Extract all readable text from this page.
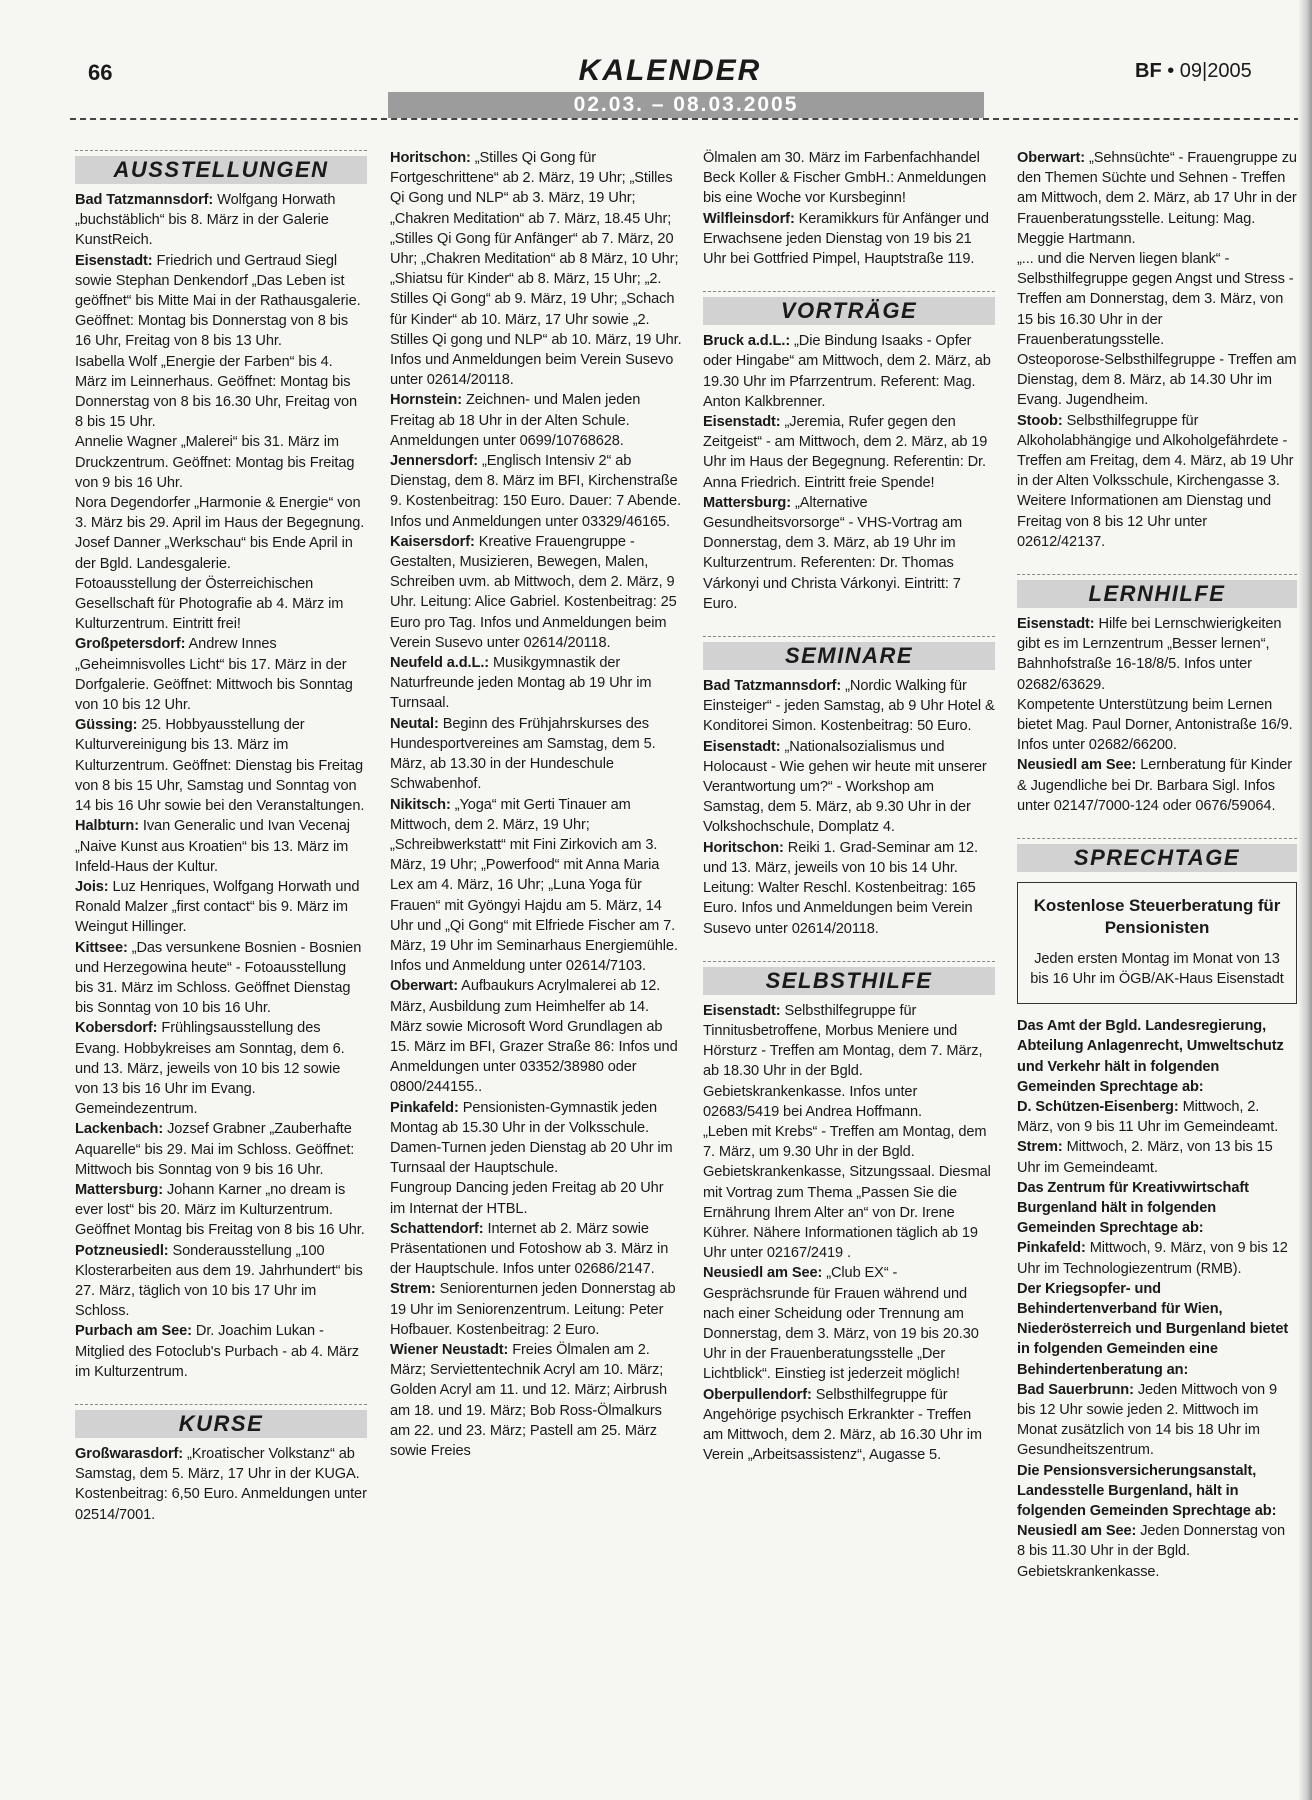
66	KALENDER	BF • 09|2005
02.03. – 08.03.2005
AUSSTELLUNGEN

Bad Tatzmannsdorf: Wolfgang Horwath „buchstäblich“ bis 8. März in der Galerie KunstReich.

Eisenstadt: Friedrich und Gertraud Siegl sowie Stephan Denkendorf „Das Leben ist geöffnet“ bis Mitte Mai in der Rathausgalerie. Geöffnet: Montag bis Donnerstag von 8 bis 16 Uhr, Freitag von 8 bis 13 Uhr.

Isabella Wolf „Energie der Farben“ bis 4. März im Leinnerhaus. Geöffnet: Montag bis Donnerstag von 8 bis 16.30 Uhr, Freitag von 8 bis 15 Uhr.

Annelie Wagner „Malerei“ bis 31. März im Druckzentrum. Geöffnet: Montag bis Freitag von 9 bis 16 Uhr.

Nora Degendorfer „Harmonie & Energie“ von 3. März bis 29. April im Haus der Begegnung.

Josef Danner „Werkschau“ bis Ende April in der Bgld. Landesgalerie.

Fotoausstellung der Österreichischen Gesellschaft für Photografie ab 4. März im Kulturzentrum. Eintritt frei!

Großpetersdorf: Andrew Innes „Geheimnisvolles Licht“ bis 17. März in der Dorfgalerie. Geöffnet: Mittwoch bis Sonntag von 10 bis 12 Uhr.

Güssing: 25. Hobbyausstellung der Kulturvereinigung bis 13. März im Kulturzentrum. Geöffnet: Dienstag bis Freitag von 8 bis 15 Uhr, Samstag und Sonntag von 14 bis 16 Uhr sowie bei den Veranstaltungen.

Halbturn: Ivan Generalic und Ivan Vecenaj „Naive Kunst aus Kroatien“ bis 13. März im Infeld-Haus der Kultur.

Jois: Luz Henriques, Wolfgang Horwath und Ronald Malzer „first contact“ bis 9. März im Weingut Hillinger.

Kittsee: „Das versunkene Bosnien - Bosnien und Herzegowina heute“ - Fotoausstellung bis 31. März im Schloss. Geöffnet Dienstag bis Sonntag von 10 bis 16 Uhr.

Kobersdorf: Frühlingsausstellung des Evang. Hobbykreises am Sonntag, dem 6. und 13. März, jeweils von 10 bis 12 sowie von 13 bis 16 Uhr im Evang. Gemeindezentrum.

Lackenbach: Jozsef Grabner „Zauberhafte Aquarelle“ bis 29. Mai im Schloss. Geöffnet: Mittwoch bis Sonntag von 9 bis 16 Uhr.

Mattersburg: Johann Karner „no dream is ever lost“ bis 20. März im Kulturzentrum. Geöffnet Montag bis Freitag von 8 bis 16 Uhr.

Potzneusiedl: Sonderausstellung „100 Klosterarbeiten aus dem 19. Jahrhundert“ bis 27. März, täglich von 10 bis 17 Uhr im Schloss.

Purbach am See: Dr. Joachim Lukan - Mitglied des Fotoclub's Purbach - ab 4. März im Kulturzentrum.

KURSE

Großwarasdorf: „Kroatischer Volkstanz“ ab Samstag, dem 5. März, 17 Uhr in der KUGA. Kostenbeitrag: 6,50 Euro. Anmeldungen unter 02514/7001.

Horitschon: „Stilles Qi Gong für Fortgeschrittene“ ab 2. März, 19 Uhr; „Stilles Qi Gong und NLP“ ab 3. März, 19 Uhr; „Chakren Meditation“ ab 7. März, 18.45 Uhr; „Stilles Qi Gong für Anfänger“ ab 7. März, 20 Uhr; „Chakren Meditation“ ab 8 März, 10 Uhr; „Shiatsu für Kinder“ ab 8. März, 15 Uhr; „2. Stilles Qi Gong“ ab 9. März, 19 Uhr; „Schach für Kinder“ ab 10. März, 17 Uhr sowie „2. Stilles Qi gong und NLP“ ab 10. März, 19 Uhr. Infos und Anmeldungen beim Verein Susevo unter 02614/20118.

Hornstein: Zeichnen- und Malen jeden Freitag ab 18 Uhr in der Alten Schule. Anmeldungen unter 0699/10768628.

Jennersdorf: „Englisch Intensiv 2“ ab Dienstag, dem 8. März im BFI, Kirchenstraße 9. Kostenbeitrag: 150 Euro. Dauer: 7 Abende. Infos und Anmeldungen unter 03329/46165.

Kaisersdorf: Kreative Frauengruppe - Gestalten, Musizieren, Bewegen, Malen, Schreiben uvm. ab Mittwoch, dem 2. März, 9 Uhr. Leitung: Alice Gabriel. Kostenbeitrag: 25 Euro pro Tag. Infos und Anmeldungen beim Verein Susevo unter 02614/20118.

Neufeld a.d.L.: Musikgymnastik der Naturfreunde jeden Montag ab 19 Uhr im Turnsaal.

Neutal: Beginn des Frühjahrskurses des Hundesportvereines am Samstag, dem 5. März, ab 13.30 in der Hundeschule Schwabenhof.

Nikitsch: „Yoga“ mit Gerti Tinauer am Mittwoch, dem 2. März, 19 Uhr; „Schreibwerkstatt“ mit Fini Zirkovich am 3. März, 19 Uhr; „Powerfood“ mit Anna Maria Lex am 4. März, 16 Uhr; „Luna Yoga für Frauen“ mit Gyöngyi Hajdu am 5. März, 14 Uhr und „Qi Gong“ mit Elfriede Fischer am 7. März, 19 Uhr im Seminarhaus Energiemühle. Infos und Anmeldung unter 02614/7103.

Oberwart: Aufbaukurs Acrylmalerei ab 12. März, Ausbildung zum Heimhelfer ab 14. März sowie Microsoft Word Grundlagen ab 15. März im BFI, Grazer Straße 86: Infos und Anmeldungen unter 03352/38980 oder 0800/244155..

Pinkafeld: Pensionisten-Gymnastik jeden Montag ab 15.30 Uhr in der Volksschule.

Damen-Turnen jeden Dienstag ab 20 Uhr im Turnsaal der Hauptschule.

Fungroup Dancing jeden Freitag ab 20 Uhr im Internat der HTBL.

Schattendorf: Internet ab 2. März sowie Präsentationen und Fotoshow ab 3. März in der Hauptschule. Infos unter 02686/2147.

Strem: Seniorenturnen jeden Donnerstag ab 19 Uhr im Seniorenzentrum. Leitung: Peter Hofbauer. Kostenbeitrag: 2 Euro.

Wiener Neustadt: Freies Ölmalen am 2. März; Serviettentechnik Acryl am 10. März; Golden Acryl am 11. und 12. März; Airbrush am 18. und 19. März; Bob Ross-Ölmalkurs am 22. und 23. März; Pastell am 25. März sowie Freies

Ölmalen am 30. März im Farbenfachhandel Beck Koller & Fischer GmbH.: Anmeldungen bis eine Woche vor Kursbeginn!

Wilfleinsdorf: Keramikkurs für Anfänger und Erwachsene jeden Dienstag von 19 bis 21 Uhr bei Gottfried Pimpel, Hauptstraße 119.

VORTRÄGE

Bruck a.d.L.: „Die Bindung Isaaks - Opfer oder Hingabe“ am Mittwoch, dem 2. März, ab 19.30 Uhr im Pfarrzentrum. Referent: Mag. Anton Kalkbrenner.

Eisenstadt: „Jeremia, Rufer gegen den Zeitgeist“ - am Mittwoch, dem 2. März, ab 19 Uhr im Haus der Begegnung. Referentin: Dr. Anna Friedrich. Eintritt freie Spende!

Mattersburg: „Alternative Gesundheitsvorsorge“ - VHS-Vortrag am Donnerstag, dem 3. März, ab 19 Uhr im Kulturzentrum. Referenten: Dr. Thomas Várkonyi und Christa Várkonyi. Eintritt: 7 Euro.

SEMINARE

Bad Tatzmannsdorf: „Nordic Walking für Einsteiger“ - jeden Samstag, ab 9 Uhr Hotel & Konditorei Simon. Kostenbeitrag: 50 Euro.

Eisenstadt: „Nationalsozialismus und Holocaust - Wie gehen wir heute mit unserer Verantwortung um?“ - Workshop am Samstag, dem 5. März, ab 9.30 Uhr in der Volkshochschule, Domplatz 4.

Horitschon: Reiki 1. Grad-Seminar am 12. und 13. März, jeweils von 10 bis 14 Uhr. Leitung: Walter Reschl. Kostenbeitrag: 165 Euro. Infos und Anmeldungen beim Verein Susevo unter 02614/20118.

SELBSTHILFE

Eisenstadt: Selbsthilfegruppe für Tinnitusbetroffene, Morbus Meniere und Hörsturz - Treffen am Montag, dem 7. März, ab 18.30 Uhr in der Bgld. Gebietskrankenkasse. Infos unter 02683/5419 bei Andrea Hoffmann.

„Leben mit Krebs“ - Treffen am Montag, dem 7. März, um 9.30 Uhr in der Bgld. Gebietskrankenkasse, Sitzungssaal. Diesmal mit Vortrag zum Thema „Passen Sie die Ernährung Ihrem Alter an“ von Dr. Irene Kührer. Nähere Informationen täglich ab 19 Uhr unter 02167/2419 .

Neusiedl am See: „Club EX“ - Gesprächsrunde für Frauen während und nach einer Scheidung oder Trennung am Donnerstag, dem 3. März, von 19 bis 20.30 Uhr in der Frauenberatungsstelle „Der Lichtblick“. Einstieg ist jederzeit möglich!

Oberpullendorf: Selbsthilfegruppe für Angehörige psychisch Erkrankter - Treffen am Mittwoch, dem 2. März, ab 16.30 Uhr im Verein „Arbeitsassistenz“, Augasse 5.

Oberwart: „Sehnsüchte“ - Frauengruppe zu den Themen Süchte und Sehnen - Treffen am Mittwoch, dem 2. März, ab 17 Uhr in der Frauenberatungsstelle. Leitung: Mag. Meggie Hartmann.

„... und die Nerven liegen blank“ - Selbsthilfegruppe gegen Angst und Stress - Treffen am Donnerstag, dem 3. März, von 15 bis 16.30 Uhr in der Frauenberatungsstelle.

Osteoporose-Selbsthilfegruppe - Treffen am Dienstag, dem 8. März, ab 14.30 Uhr im Evang. Jugendheim.

Stoob: Selbsthilfegruppe für Alkoholabhängige und Alkoholgefährdete - Treffen am Freitag, dem 4. März, ab 19 Uhr in der Alten Volksschule, Kirchengasse 3. Weitere Informationen am Dienstag und Freitag von 8 bis 12 Uhr unter 02612/42137.

LERNHILFE

Eisenstadt: Hilfe bei Lernschwierigkeiten gibt es im Lernzentrum „Besser lernen“, Bahnhofstraße 16-18/8/5. Infos unter 02682/63629.

Kompetente Unterstützung beim Lernen bietet Mag. Paul Dorner, Antonistraße 16/9. Infos unter 02682/66200.

Neusiedl am See: Lernberatung für Kinder & Jugendliche bei Dr. Barbara Sigl. Infos unter 02147/7000-124 oder 0676/59064.

SPRECHTAGE
Kostenlose Steuerberatung für Pensionisten
Jeden ersten Montag im Monat von 13 bis 16 Uhr im ÖGB/AK-Haus Eisenstadt
Das Amt der Bgld. Landesregierung, Abteilung Anlagenrecht, Umweltschutz und Verkehr hält in folgenden Gemeinden Sprechtage ab:

D. Schützen-Eisenberg: Mittwoch, 2. März, von 9 bis 11 Uhr im Gemeindeamt.

Strem: Mittwoch, 2. März, von 13 bis 15 Uhr im Gemeindeamt.

Das Zentrum für Kreativwirtschaft Burgenland hält in folgenden Gemeinden Sprechtage ab:

Pinkafeld: Mittwoch, 9. März, von 9 bis 12 Uhr im Technologiezentrum (RMB).

Der Kriegsopfer- und Behindertenverband für Wien, Niederösterreich und Burgenland bietet in folgenden Gemeinden eine Behindertenberatung an:

Bad Sauerbrunn: Jeden Mittwoch von 9 bis 12 Uhr sowie jeden 2. Mittwoch im Monat zusätzlich von 14 bis 18 Uhr im Gesundheitszentrum.

Die Pensionsversicherungsanstalt, Landesstelle Burgenland, hält in folgenden Gemeinden Sprechtage ab:

Neusiedl am See: Jeden Donnerstag von 8 bis 11.30 Uhr in der Bgld. Gebietskrankenkasse.
